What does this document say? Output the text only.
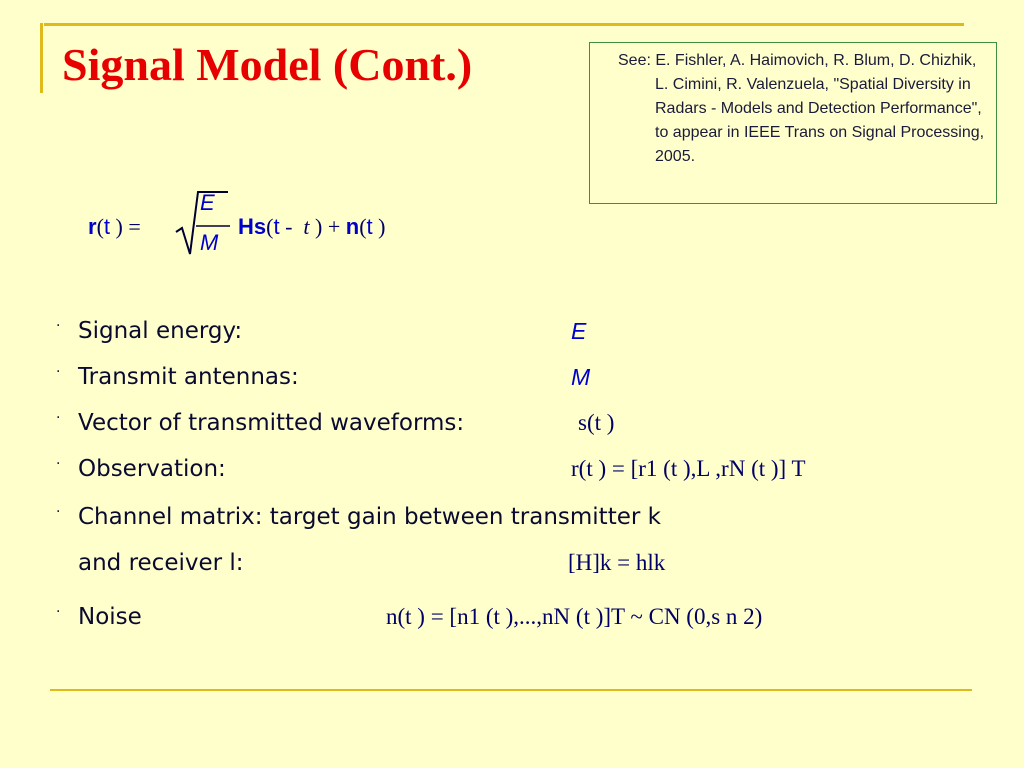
Signal Model (Cont.)	See: E. Fishler, A. Haimovich, R. Blum, D. Chizhik, L. Cimini, R. Valenzuela, "Spatial Diversity in Radars - Models and Detection Performance", to appear in IEEE Trans on Signal Processing, 2005.
r(t ) =
E
M
Hs(t -  t ) + n(t )
· Signal energy:	E
· Transmit antennas:	M
· Vector of transmitted waveforms:	s(t )
· Observation:	r(t ) = [r1 (t ),L ,rN (t )] T
· Channel matrix: target gain between transmitter k
and receiver l:	[H]k = hlk
· Noise	n(t ) = [n1 (t ),...,nN (t )]T ~ CN (0,s n 2)
